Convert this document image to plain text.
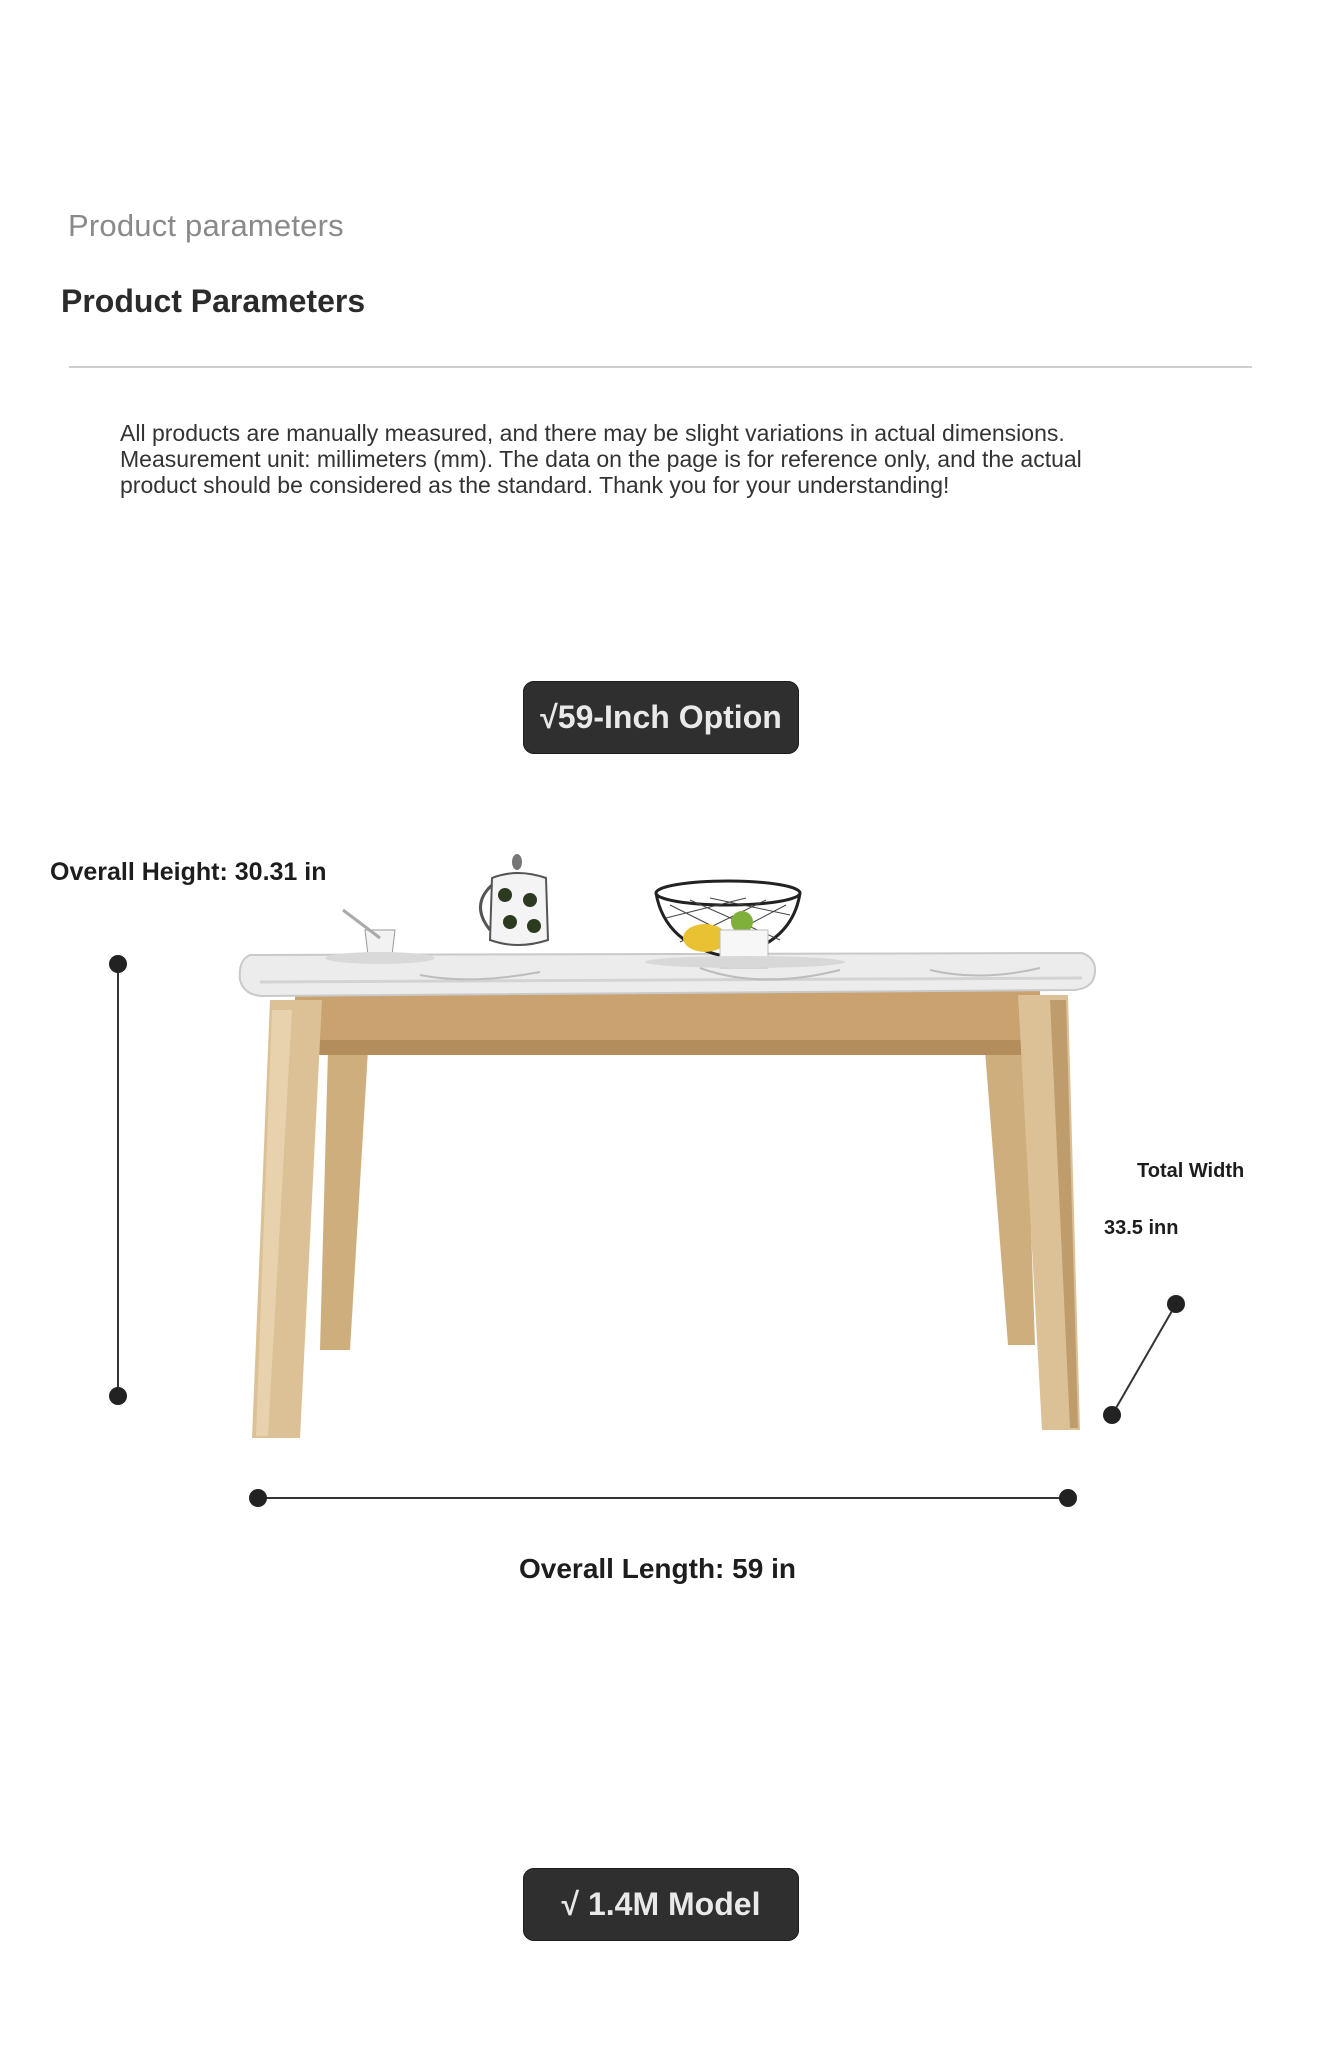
Product parameters
Product Parameters
All products are manually measured, and there may be slight variations in actual dimensions. Measurement unit: millimeters (mm). The data on the page is for reference only, and the actual product should be considered as the standard. Thank you for your understanding!
√59-Inch Option
Overall Height: 30.31 in
Total Width
33.5 inn
Overall Length: 59 in
√ 1.4M Model
